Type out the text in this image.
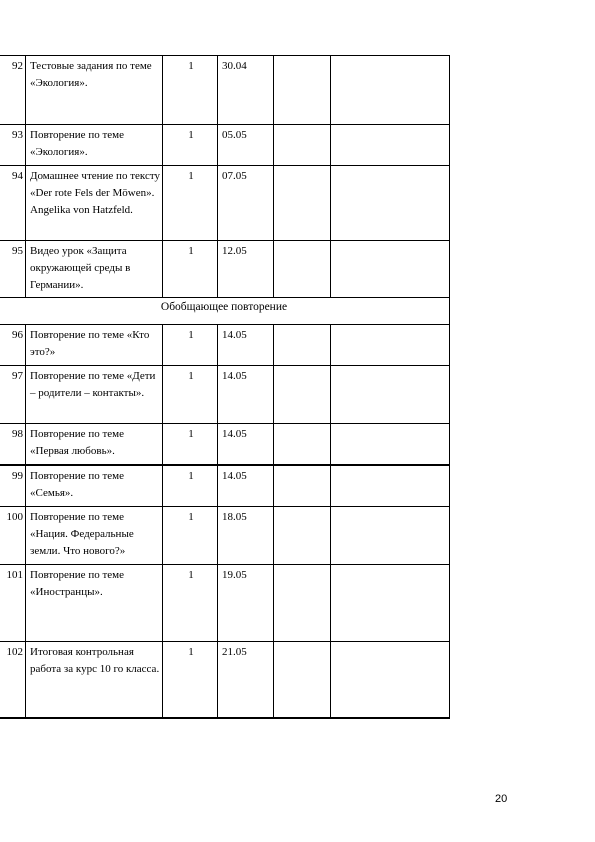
92	Тестовые задания по теме «Экология».	1	30.04		
93	Повторение по теме «Экология».	1	05.05		
94	Домашнее чтение по тексту «Der rote Fels der Möwen». Angelika von Hatzfeld.	1	07.05		
95	Видео урок «Защита окружающей среды в Германии».	1	12.05		
Обобщающее повторение					
96	Повторение по теме «Кто это?»	1	14.05		
97	Повторение по теме «Дети – родители – контакты».	1	14.05		
98	Повторение по теме «Первая любовь».	1	14.05		
99	Повторение по теме «Семья».	1	14.05		
100	Повторение по теме «Нация. Федеральные земли. Что нового?»	1	18.05		
101	Повторение по теме «Иностранцы».	1	19.05		
102	Итоговая контрольная работа за курс 10 го класса.	1	21.05		
20
